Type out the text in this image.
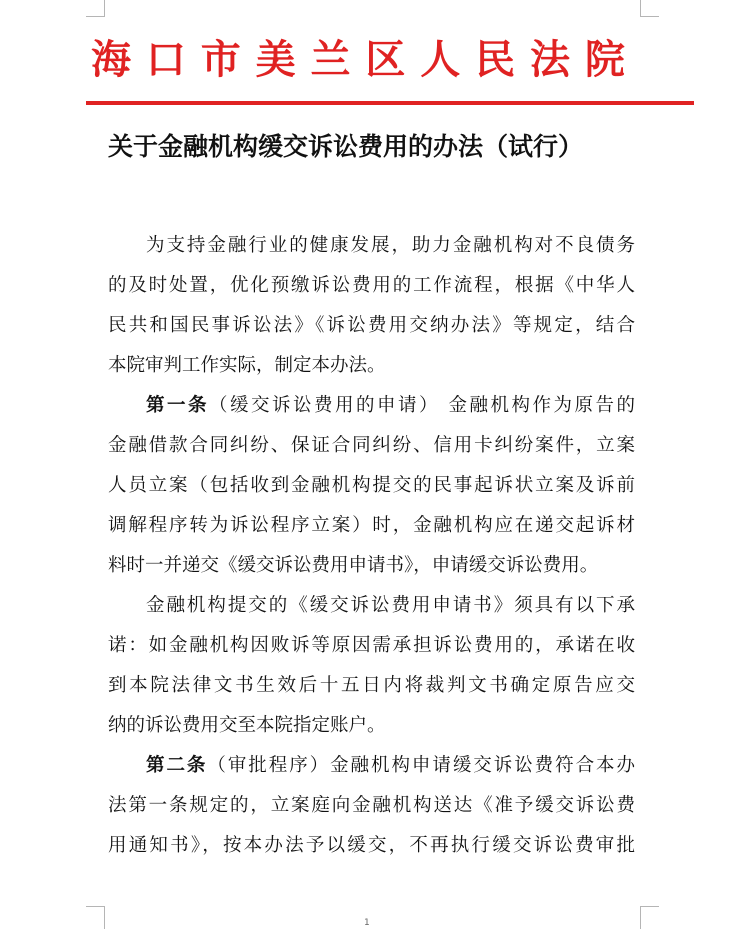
海 口 市 美 兰 区 人 民 法 院
关于金融机构缓交诉讼费用的办法（试行）
为支持金融行业的健康发展，助力金融机构对不良债务
的及时处置，优化预缴诉讼费用的工作流程，根据《中华人
民共和国民事诉讼法》《诉讼费用交纳办法》等规定，结合
本院审判工作实际，制定本办法。
第一条（缓交诉讼费用的申请） 金融机构作为原告的
金融借款合同纠纷、保证合同纠纷、信用卡纠纷案件，立案
人员立案（包括收到金融机构提交的民事起诉状立案及诉前
调解程序转为诉讼程序立案）时，金融机构应在递交起诉材
料时一并递交《缓交诉讼费用申请书》，申请缓交诉讼费用。
金融机构提交的《缓交诉讼费用申请书》须具有以下承
诺：如金融机构因败诉等原因需承担诉讼费用的，承诺在收
到本院法律文书生效后十五日内将裁判文书确定原告应交
纳的诉讼费用交至本院指定账户。
第二条（审批程序）金融机构申请缓交诉讼费符合本办
法第一条规定的，立案庭向金融机构送达《准予缓交诉讼费
用通知书》，按本办法予以缓交，不再执行缓交诉讼费审批
1
